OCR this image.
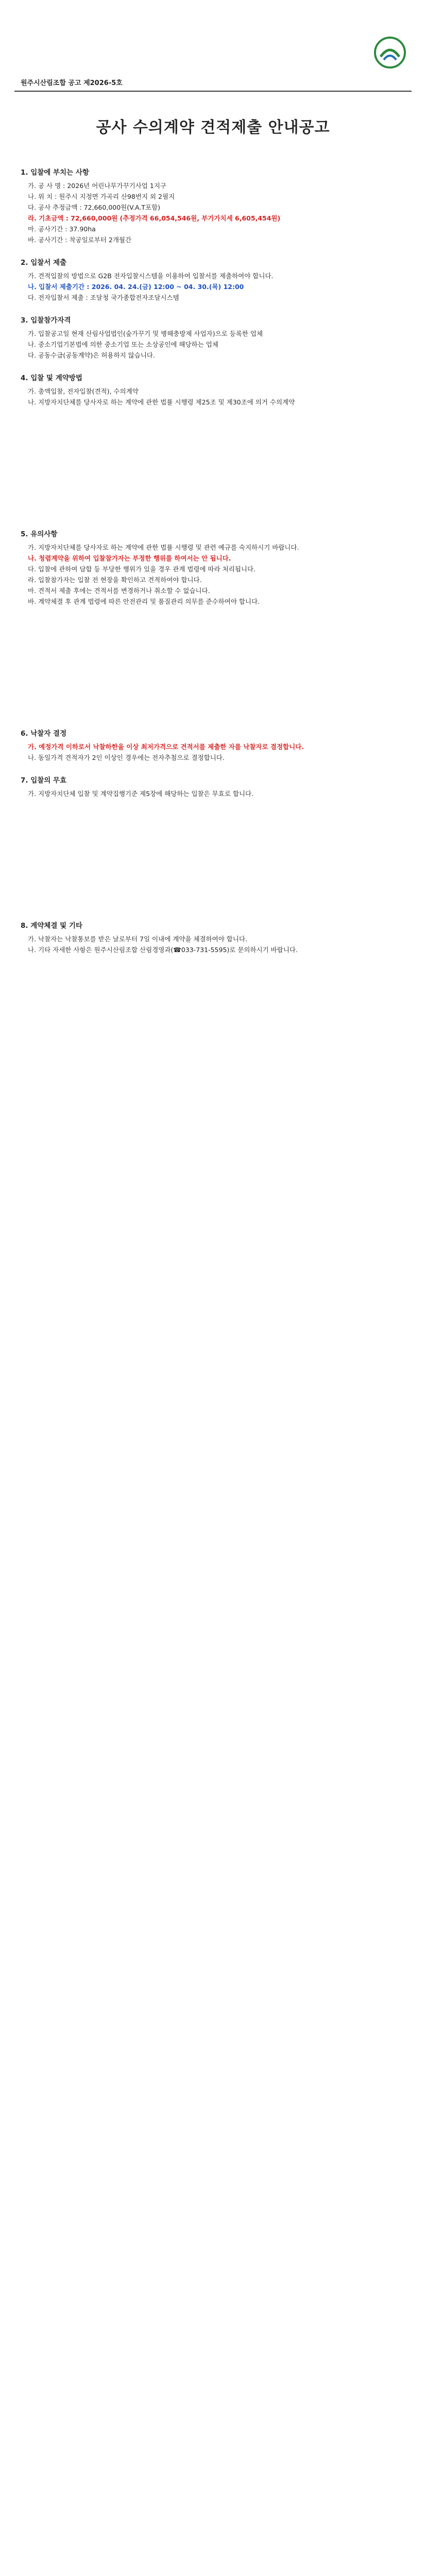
원주시산림조합 공고 제2026-5호
공사 수의계약 견적제출 안내공고
1. 입찰에 부치는 사항
가. 공 사 명 : 2026년 어린나무가꾸기사업 1지구
나. 위 치 : 원주시 지정면 가곡리 산98번지 외 2필지
다. 공사 추정금액 : 72,660,000원(V.A.T포함)
라. 기초금액 : 72,660,000원 (추정가격 66,054,546원, 부가가치세 6,605,454원)
마. 공사기간 : 37.90ha
바. 공사기간 : 착공일로부터 2개월간
2. 입찰서 제출
가. 견적입찰의 방법으로 G2B 전자입찰시스템을 이용하여 입찰서를 제출하여야 합니다.
나. 입찰서 제출기간 : 2026. 04. 24.(금) 12:00 ~ 04. 30.(목) 12:00
다. 전자입찰서 제출 : 조달청 국가종합전자조달시스템
3. 입찰참가자격
가. 입찰공고일 현재 산림사업법인(숲가꾸기 및 병해충방제 사업자)으로 등록한 업체
나. 중소기업기본법에 의한 중소기업 또는 소상공인에 해당하는 업체
다. 공동수급(공동계약)은 허용하지 않습니다.
4. 입찰 및 계약방법
가. 총액입찰, 전자입찰(견적), 수의계약
나. 지방자치단체를 당사자로 하는 계약에 관한 법률 시행령 제25조 및 제30조에 의거 수의계약
5. 유의사항
가. 지방자치단체를 당사자로 하는 계약에 관한 법률 시행령 및 관련 예규를 숙지하시기 바랍니다.
나. 청렴계약을 위하여 입찰참가자는 부정한 행위를 하여서는 안 됩니다.
다. 입찰에 관하여 담합 등 부당한 행위가 있을 경우 관계 법령에 따라 처리됩니다.
라. 입찰참가자는 입찰 전 현장을 확인하고 견적하여야 합니다.
마. 견적서 제출 후에는 견적서를 변경하거나 취소할 수 없습니다.
바. 계약체결 후 관계 법령에 따른 안전관리 및 품질관리 의무를 준수하여야 합니다.
6. 낙찰자 결정
가. 예정가격 이하로서 낙찰하한율 이상 최저가격으로 견적서를 제출한 자를 낙찰자로 결정합니다.
나. 동일가격 견적자가 2인 이상인 경우에는 전자추첨으로 결정합니다.
7. 입찰의 무효
가. 지방자치단체 입찰 및 계약집행기준 제5장에 해당하는 입찰은 무효로 합니다.
8. 계약체결 및 기타
가. 낙찰자는 낙찰통보를 받은 날로부터 7일 이내에 계약을 체결하여야 합니다.
나. 기타 자세한 사항은 원주시산림조합 산림경영과(☎033-731-5595)로 문의하시기 바랍니다.
